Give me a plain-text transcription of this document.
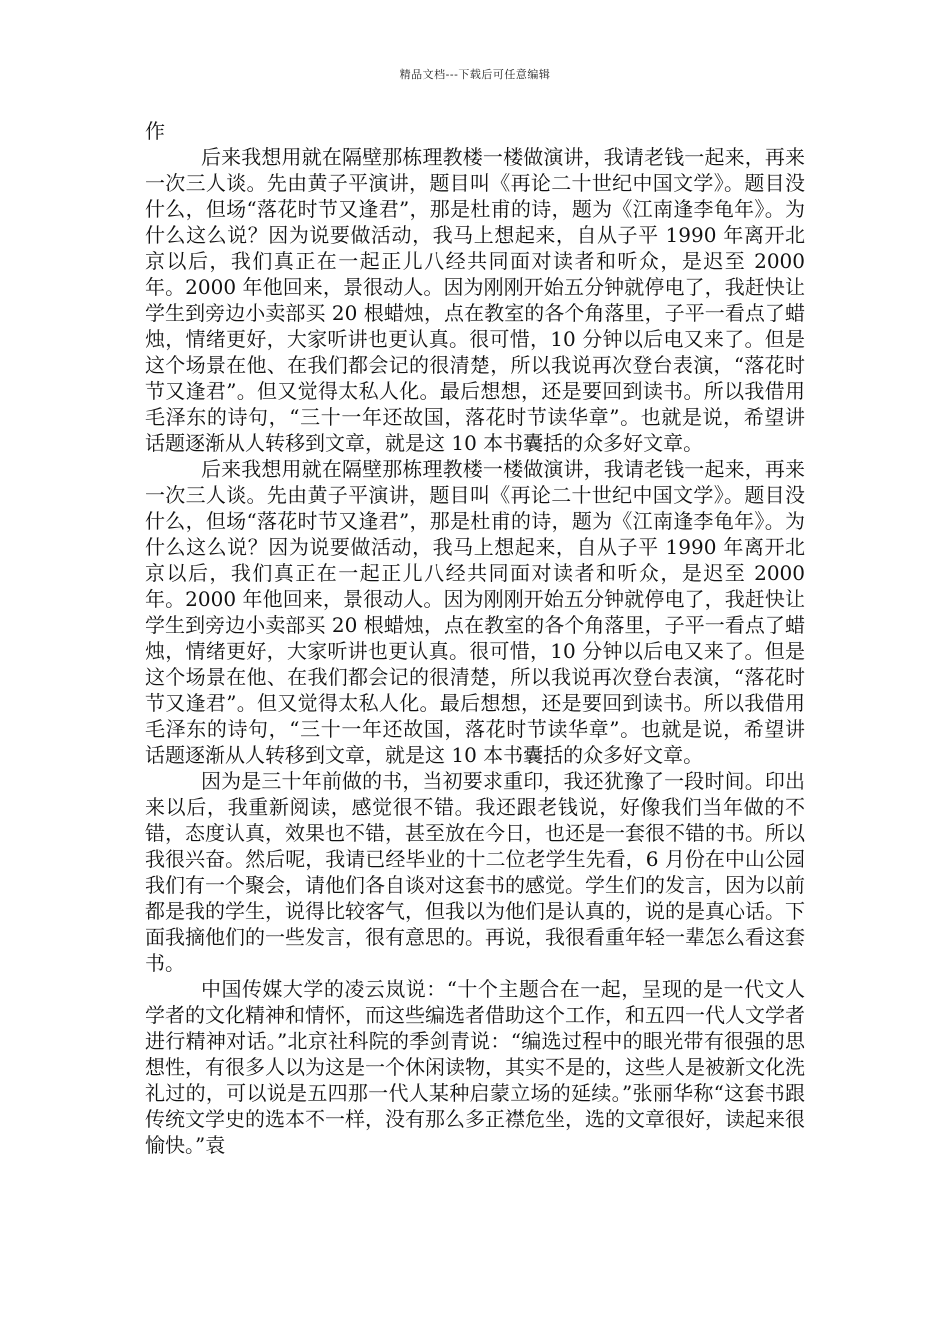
精品文档---下载后可任意编辑

作

后来我想用就在隔壁那栋理教楼一楼做演讲，我请老钱一起来，再来一次三人谈。先由黄子平演讲，题目叫《再论二十世纪中国文学》。题目没什么，但场“落花时节又逢君”，那是杜甫的诗，题为《江南逢李龟年》。为什么这么说？因为说要做活动，我马上想起来，自从子平 1990 年离开北京以后，我们真正在一起正儿八经共同面对读者和听众，是迟至 2000 年。2000 年他回来，景很动人。因为刚刚开始五分钟就停电了，我赶快让学生到旁边小卖部买 20 根蜡烛，点在教室的各个角落里，子平一看点了蜡烛，情绪更好，大家听讲也更认真。很可惜，10 分钟以后电又来了。但是这个场景在他、在我们都会记的很清楚，所以我说再次登台表演，“落花时节又逢君”。但又觉得太私人化。最后想想，还是要回到读书。所以我借用毛泽东的诗句，“三十一年还故国，落花时节读华章”。也就是说，希望讲话题逐渐从人转移到文章，就是这 10 本书囊括的众多好文章。

后来我想用就在隔壁那栋理教楼一楼做演讲，我请老钱一起来，再来一次三人谈。先由黄子平演讲，题目叫《再论二十世纪中国文学》。题目没什么，但场“落花时节又逢君”，那是杜甫的诗，题为《江南逢李龟年》。为什么这么说？因为说要做活动，我马上想起来，自从子平 1990 年离开北京以后，我们真正在一起正儿八经共同面对读者和听众，是迟至 2000 年。2000 年他回来，景很动人。因为刚刚开始五分钟就停电了，我赶快让学生到旁边小卖部买 20 根蜡烛，点在教室的各个角落里，子平一看点了蜡烛，情绪更好，大家听讲也更认真。很可惜，10 分钟以后电又来了。但是这个场景在他、在我们都会记的很清楚，所以我说再次登台表演，“落花时节又逢君”。但又觉得太私人化。最后想想，还是要回到读书。所以我借用毛泽东的诗句，“三十一年还故国，落花时节读华章”。也就是说，希望讲话题逐渐从人转移到文章，就是这 10 本书囊括的众多好文章。

因为是三十年前做的书，当初要求重印，我还犹豫了一段时间。印出来以后，我重新阅读，感觉很不错。我还跟老钱说，好像我们当年做的不错，态度认真，效果也不错，甚至放在今日，也还是一套很不错的书。所以我很兴奋。然后呢，我请已经毕业的十二位老学生先看，6 月份在中山公园我们有一个聚会，请他们各自谈对这套书的感觉。学生们的发言，因为以前都是我的学生，说得比较客气，但我以为他们是认真的，说的是真心话。下面我摘他们的一些发言，很有意思的。再说，我很看重年轻一辈怎么看这套书。

中国传媒大学的凌云岚说：“十个主题合在一起，呈现的是一代文人学者的文化精神和情怀，而这些编选者借助这个工作，和五四一代人文学者进行精神对话。”北京社科院的季剑青说：“编选过程中的眼光带有很强的思想性，有很多人以为这是一个休闲读物，其实不是的，这些人是被新文化洗礼过的，可以说是五四那一代人某种启蒙立场的延续。”张丽华称“这套书跟传统文学史的选本不一样，没有那么多正襟危坐，选的文章很好，读起来很愉快。”袁
